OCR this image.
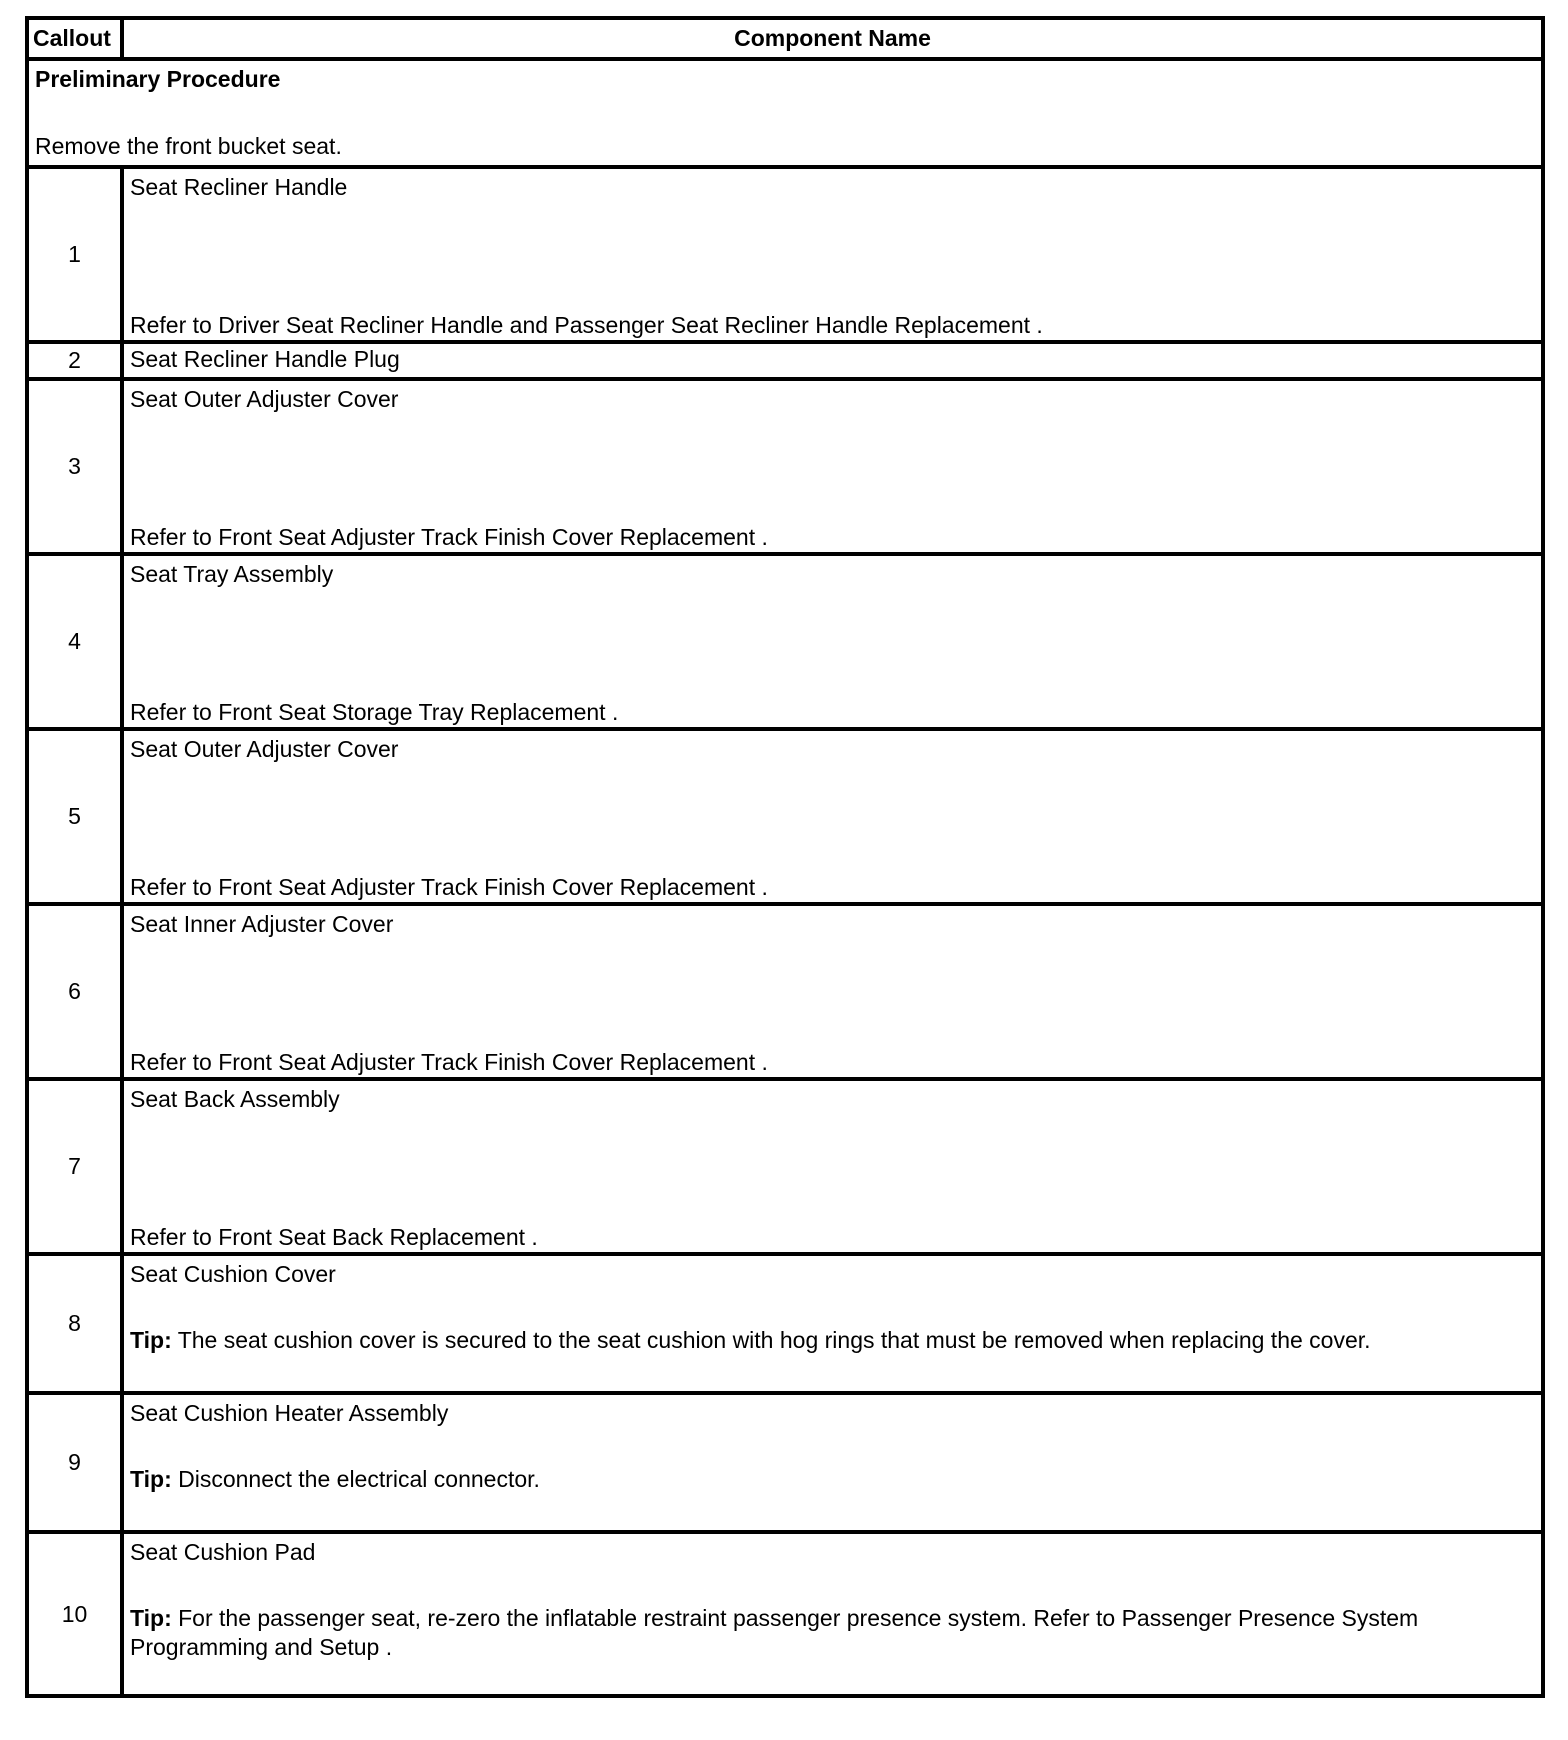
Callout	Component Name

Preliminary Procedure
Remove the front bucket seat.	

1	Seat Recliner Handle
Refer to Driver Seat Recliner Handle and Passenger Seat Recliner Handle Replacement .

2	Seat Recliner Handle Plug

3	Seat Outer Adjuster Cover
Refer to Front Seat Adjuster Track Finish Cover Replacement .

4	Seat Tray Assembly
Refer to Front Seat Storage Tray Replacement .

5	Seat Outer Adjuster Cover
Refer to Front Seat Adjuster Track Finish Cover Replacement .

6	Seat Inner Adjuster Cover
Refer to Front Seat Adjuster Track Finish Cover Replacement .

7	Seat Back Assembly
Refer to Front Seat Back Replacement .

8	Seat Cushion Cover
Tip: The seat cushion cover is secured to the seat cushion with hog rings that must be removed when replacing the cover.

9	Seat Cushion Heater Assembly
Tip: Disconnect the electrical connector.

10	Seat Cushion Pad
Tip: For the passenger seat, re-zero the inflatable restraint passenger presence system. Refer to Passenger Presence System Programming and Setup .
